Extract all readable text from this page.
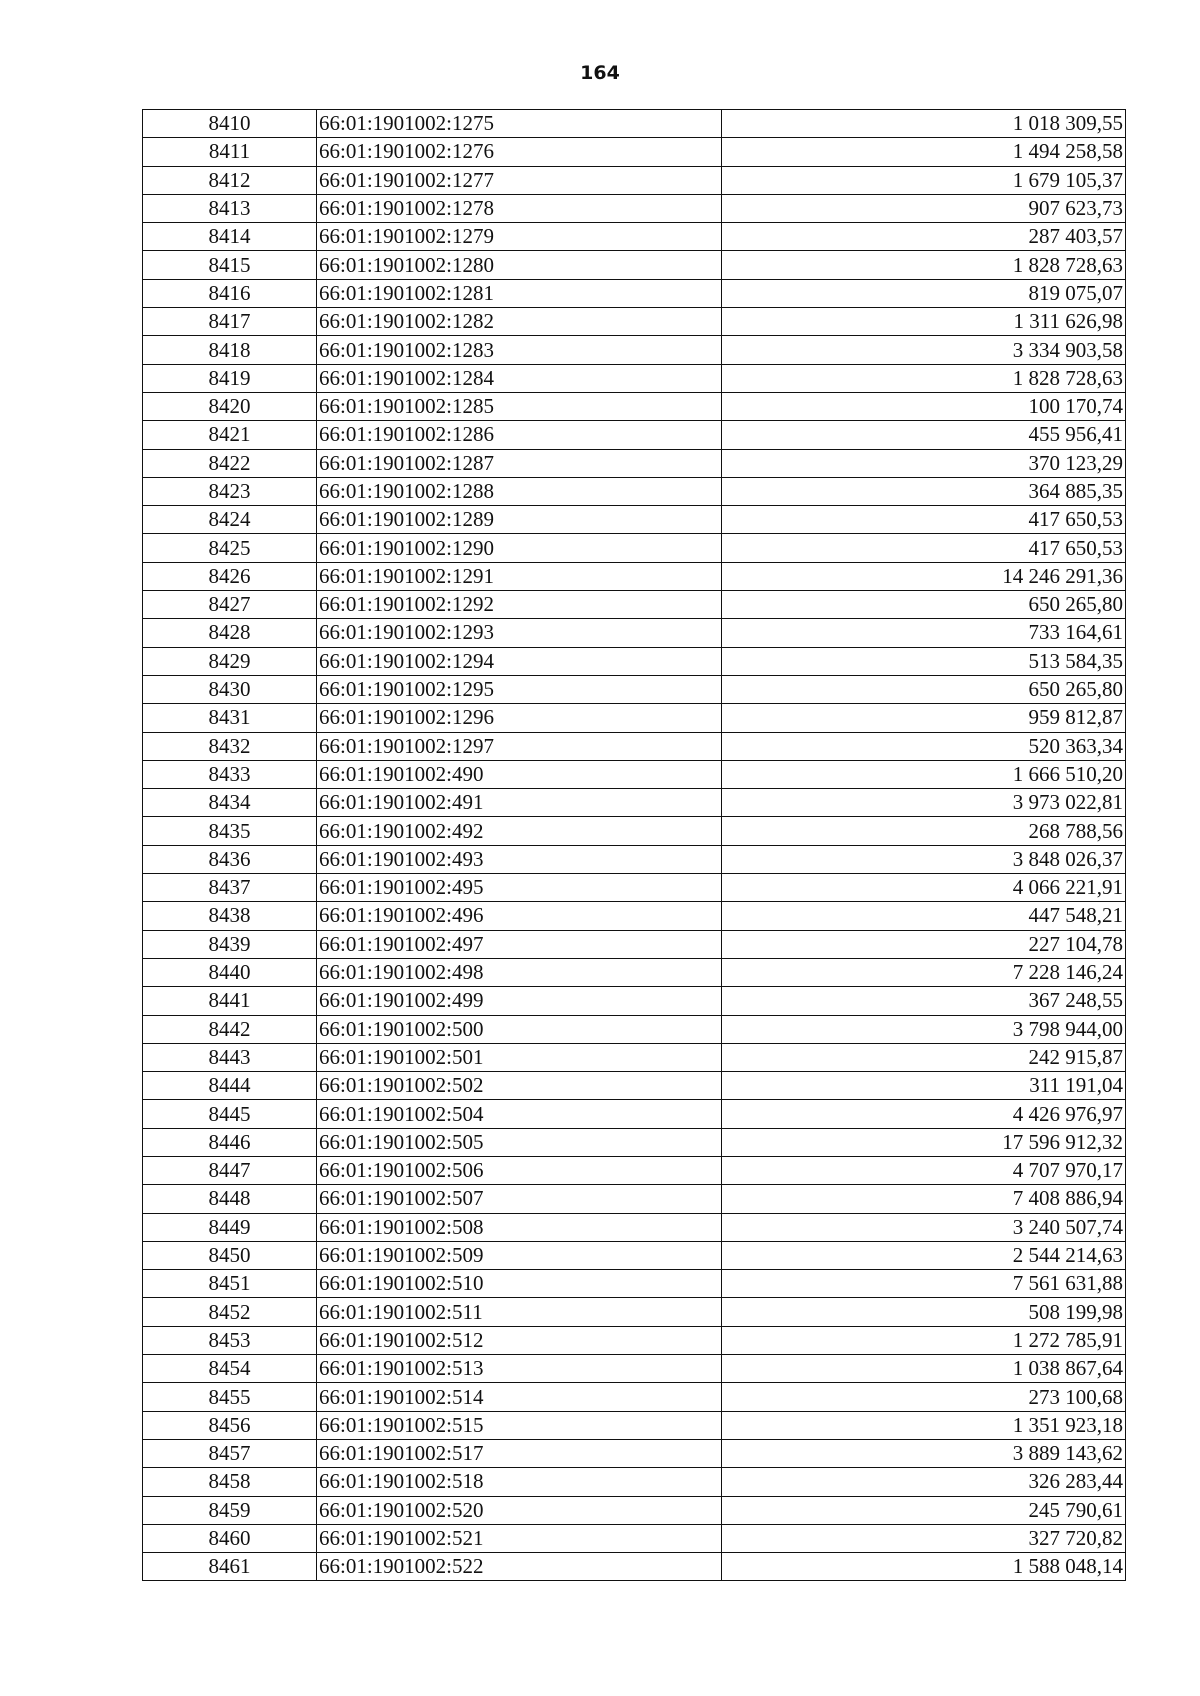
164
8410	66:01:1901002:1275	1 018 309,55
8411	66:01:1901002:1276	1 494 258,58
8412	66:01:1901002:1277	1 679 105,37
8413	66:01:1901002:1278	907 623,73
8414	66:01:1901002:1279	287 403,57
8415	66:01:1901002:1280	1 828 728,63
8416	66:01:1901002:1281	819 075,07
8417	66:01:1901002:1282	1 311 626,98
8418	66:01:1901002:1283	3 334 903,58
8419	66:01:1901002:1284	1 828 728,63
8420	66:01:1901002:1285	100 170,74
8421	66:01:1901002:1286	455 956,41
8422	66:01:1901002:1287	370 123,29
8423	66:01:1901002:1288	364 885,35
8424	66:01:1901002:1289	417 650,53
8425	66:01:1901002:1290	417 650,53
8426	66:01:1901002:1291	14 246 291,36
8427	66:01:1901002:1292	650 265,80
8428	66:01:1901002:1293	733 164,61
8429	66:01:1901002:1294	513 584,35
8430	66:01:1901002:1295	650 265,80
8431	66:01:1901002:1296	959 812,87
8432	66:01:1901002:1297	520 363,34
8433	66:01:1901002:490	1 666 510,20
8434	66:01:1901002:491	3 973 022,81
8435	66:01:1901002:492	268 788,56
8436	66:01:1901002:493	3 848 026,37
8437	66:01:1901002:495	4 066 221,91
8438	66:01:1901002:496	447 548,21
8439	66:01:1901002:497	227 104,78
8440	66:01:1901002:498	7 228 146,24
8441	66:01:1901002:499	367 248,55
8442	66:01:1901002:500	3 798 944,00
8443	66:01:1901002:501	242 915,87
8444	66:01:1901002:502	311 191,04
8445	66:01:1901002:504	4 426 976,97
8446	66:01:1901002:505	17 596 912,32
8447	66:01:1901002:506	4 707 970,17
8448	66:01:1901002:507	7 408 886,94
8449	66:01:1901002:508	3 240 507,74
8450	66:01:1901002:509	2 544 214,63
8451	66:01:1901002:510	7 561 631,88
8452	66:01:1901002:511	508 199,98
8453	66:01:1901002:512	1 272 785,91
8454	66:01:1901002:513	1 038 867,64
8455	66:01:1901002:514	273 100,68
8456	66:01:1901002:515	1 351 923,18
8457	66:01:1901002:517	3 889 143,62
8458	66:01:1901002:518	326 283,44
8459	66:01:1901002:520	245 790,61
8460	66:01:1901002:521	327 720,82
8461	66:01:1901002:522	1 588 048,14
